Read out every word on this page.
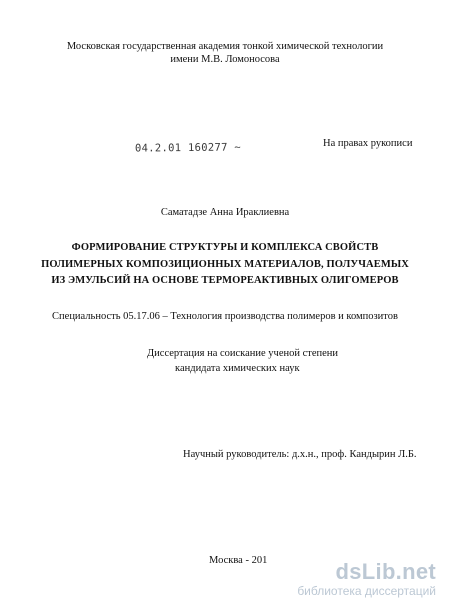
Московская государственная академия тонкой химической технологии
имени М.В. Ломоносова
04.2.01 160277 ~	На правах рукописи
Саматадзе Анна Ираклиевна
ФОРМИРОВАНИЕ СТРУКТУРЫ И КОМПЛЕКСА СВОЙСТВ
ПОЛИМЕРНЫХ КОМПОЗИЦИОННЫХ МАТЕРИАЛОВ, ПОЛУЧАЕМЫХ
ИЗ ЭМУЛЬСИЙ НА ОСНОВЕ ТЕРМОРЕАКТИВНЫХ ОЛИГОМЕРОВ
Специальность 05.17.06 – Технология производства полимеров и композитов
Диссертация на соискание ученой степени
кандидата химических наук
Научный руководитель: д.х.н., проф. Кандырин Л.Б.
Москва - 201	dsLib.net
библиотека диссертаций
